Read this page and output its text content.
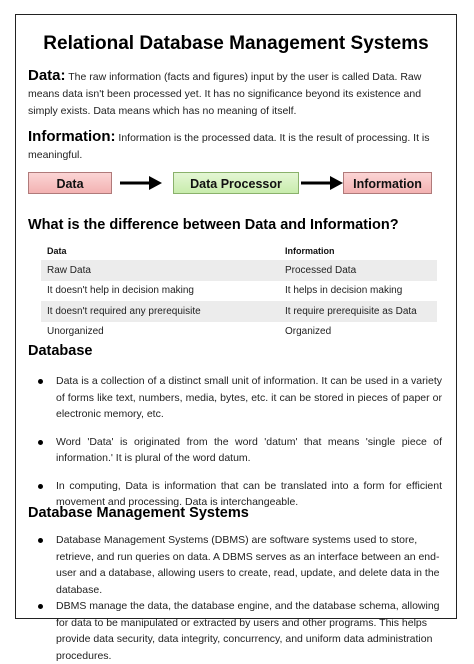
Relational Database Management Systems
Data: The raw information (facts and figures) input by the user is called Data. Raw means data isn't been processed yet. It has no significance beyond its existence and simply exists. Data means which has no meaning of itself.
Information: Information is the processed data. It is the result of processing. It is meaningful.
Data	Data Processor	Information
What is the difference between Data and Information?
Data	Information
Raw Data	Processed Data
It doesn't help in decision making	It helps in decision making
It doesn't required any prerequisite	It require prerequisite as Data
Unorganized	Organized
Database
Data is a collection of a distinct small unit of information. It can be used in a variety of forms like text, numbers, media, bytes, etc. it can be stored in pieces of paper or electronic memory, etc.
Word 'Data' is originated from the word 'datum' that means 'single piece of information.' It is plural of the word datum.
In computing, Data is information that can be translated into a form for efficient movement and processing. Data is interchangeable.
Database Management Systems
Database Management Systems (DBMS) are software systems used to store, retrieve, and run queries on data. A DBMS serves as an interface between an end-user and a database, allowing users to create, read, update, and delete data in the database.
DBMS manage the data, the database engine, and the database schema, allowing for data to be manipulated or extracted by users and other programs. This helps provide data security, data integrity, concurrency, and uniform data administration procedures.
